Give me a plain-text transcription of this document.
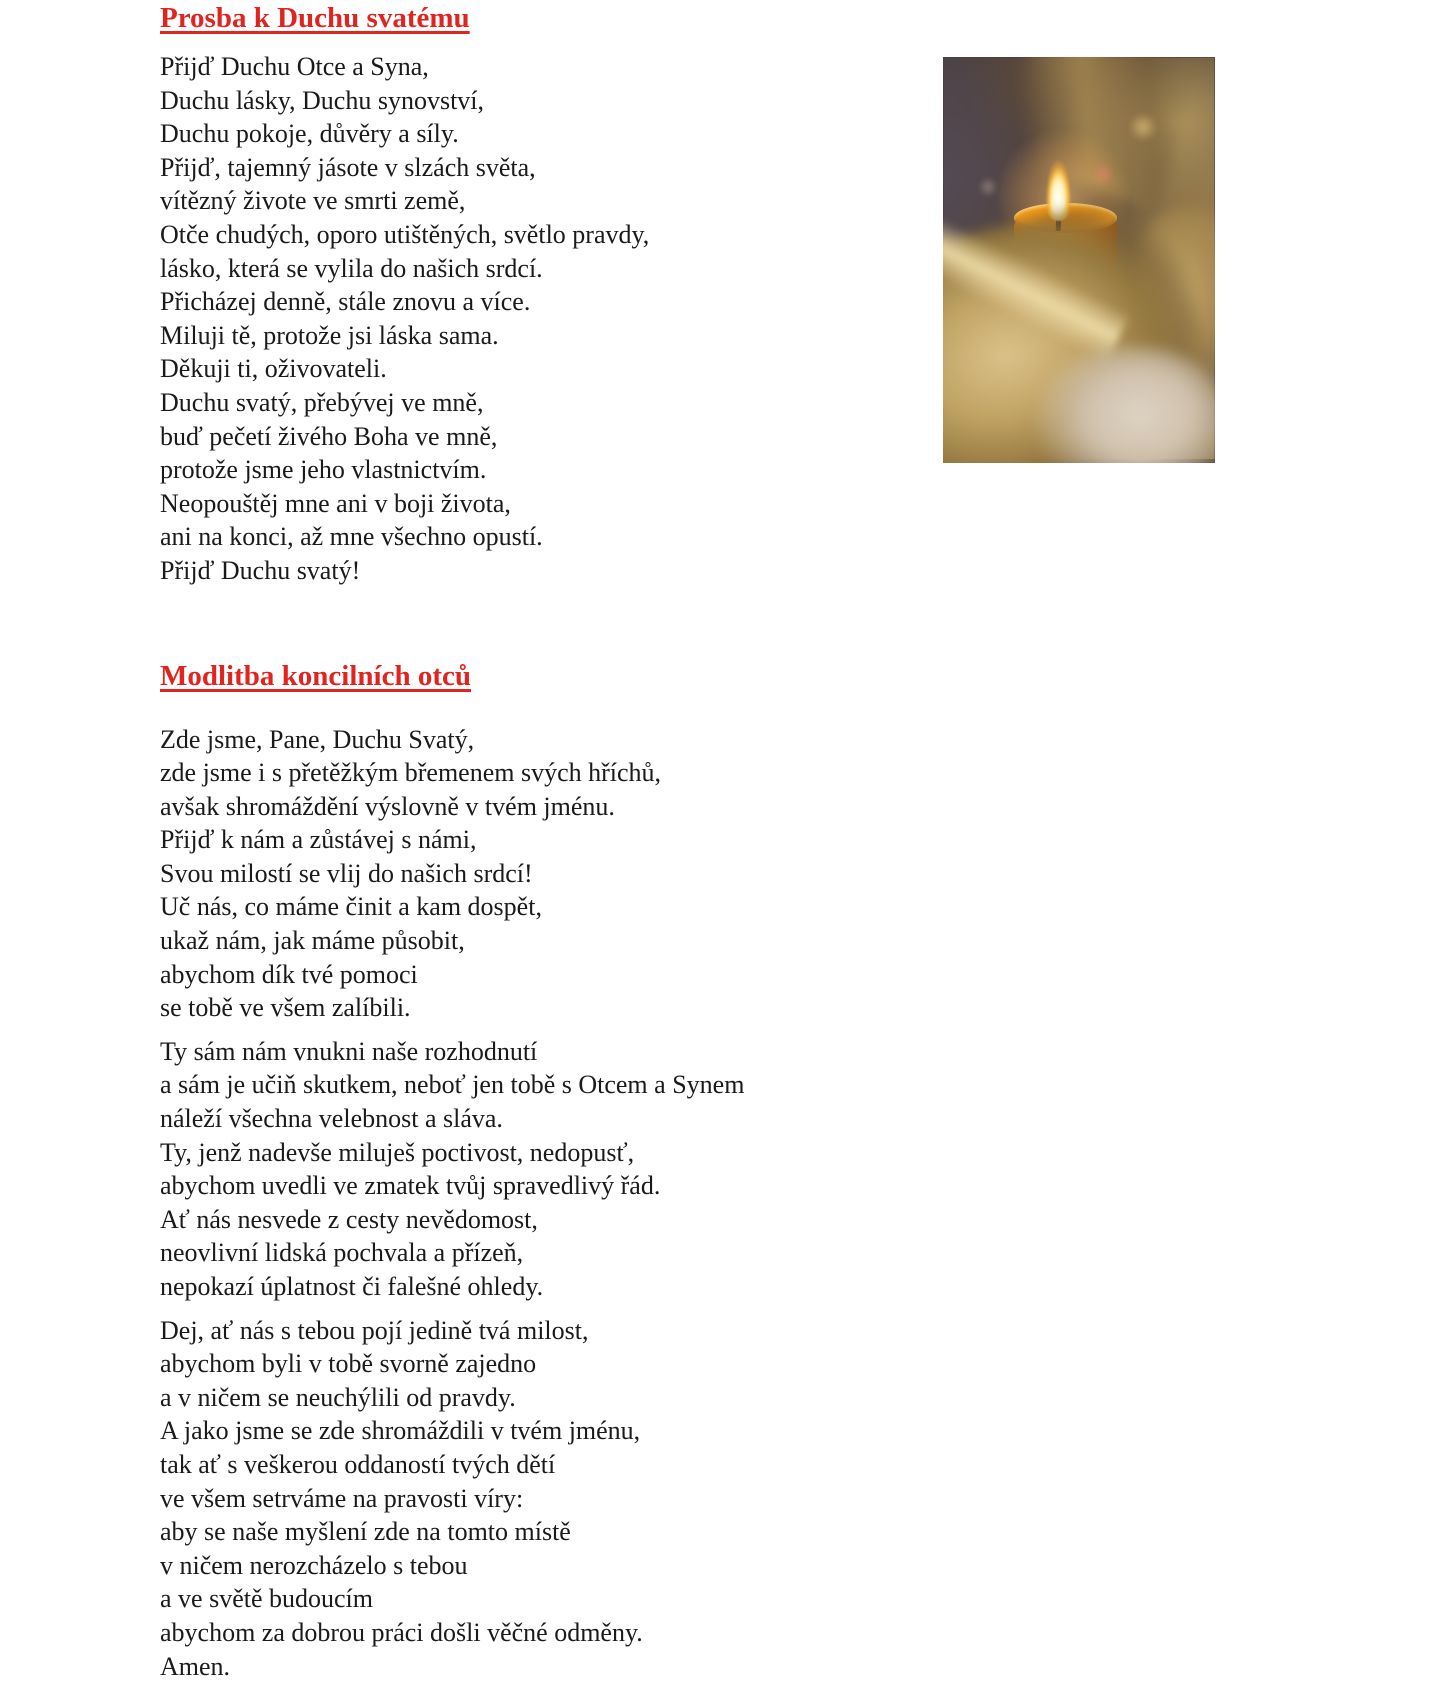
Prosba k Duchu svatému

Přijď Duchu Otce a Syna,
Duchu lásky, Duchu synovství,
Duchu pokoje, důvěry a síly.
Přijď, tajemný jásote v slzách světa,
vítězný živote ve smrti země,
Otče chudých, oporo utištěných, světlo pravdy,
lásko, která se vylila do našich srdcí.
Přicházej denně, stále znovu a více.
Miluji tě, protože jsi láska sama.
Děkuji ti, oživovateli.
Duchu svatý, přebývej ve mně,
buď pečetí živého Boha ve mně,
protože jsme jeho vlastnictvím.
Neopouštěj mne ani v boji života,
ani na konci, až mne všechno opustí.
Přijď Duchu svatý!

Modlitba koncilních otců

Zde jsme, Pane, Duchu Svatý,
zde jsme i s přetěžkým břemenem svých hříchů,
avšak shromáždění výslovně v tvém jménu.
Přijď k nám a zůstávej s námi,
Svou milostí se vlij do našich srdcí!
Uč nás, co máme činit a kam dospět,
ukaž nám, jak máme působit,
abychom dík tvé pomoci
se tobě ve všem zalíbili.

Ty sám nám vnukni naše rozhodnutí
a sám je učiň skutkem, neboť jen tobě s Otcem a Synem
náleží všechna velebnost a sláva.
Ty, jenž nadevše miluješ poctivost, nedopusť,
abychom uvedli ve zmatek tvůj spravedlivý řád.
Ať nás nesvede z cesty nevědomost,
neovlivní lidská pochvala a přízeň,
nepokazí úplatnost či falešné ohledy.

Dej, ať nás s tebou pojí jedině tvá milost,
abychom byli v tobě svorně zajedno
a v ničem se neuchýlili od pravdy.
A jako jsme se zde shromáždili v tvém jménu,
tak ať s veškerou oddaností tvých dětí
ve všem setrváme na pravosti víry:
aby se naše myšlení zde na tomto místě
v ničem nerozcházelo s tebou
a ve světě budoucím
abychom za dobrou práci došli věčné odměny.
Amen.
